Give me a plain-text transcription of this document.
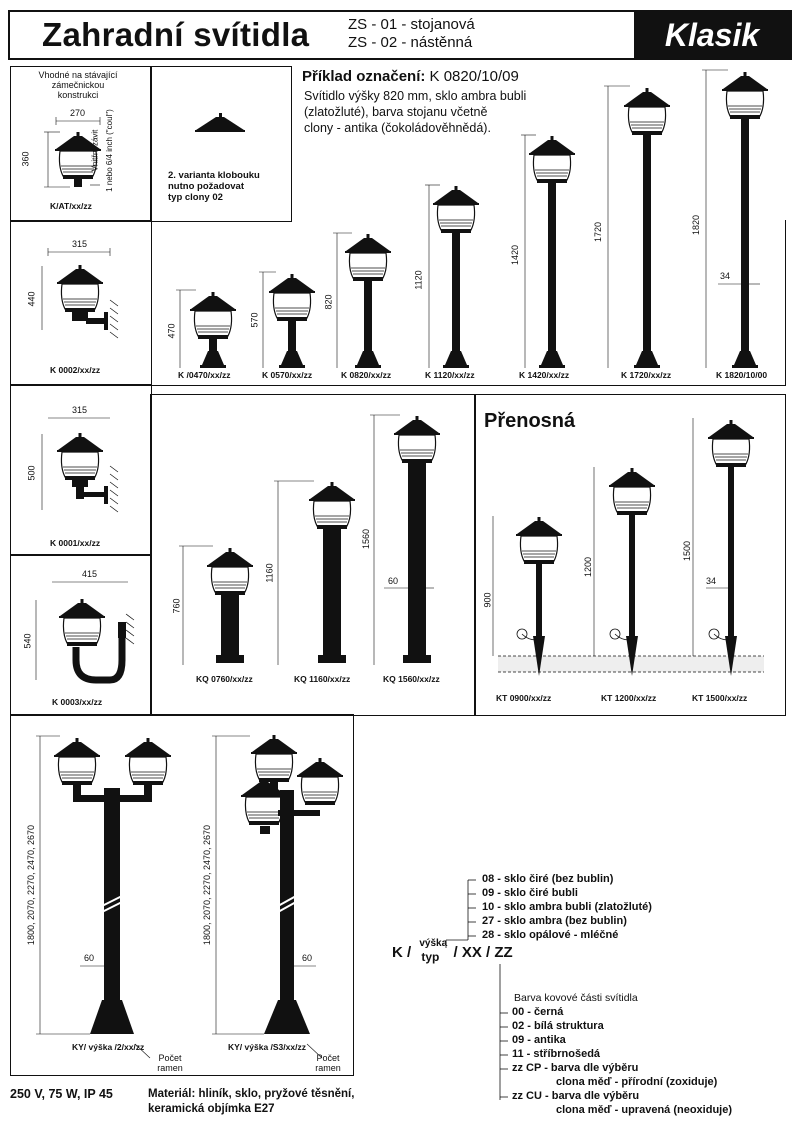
Zahradní svítidla	ZS - 01 - stojanová
ZS - 02 - nástěnná	Klasik
Příklad označení: K 0820/10/09
Svítidlo výšky 820 mm, sklo ambra bubli
(zlatožluté), barva stojanu včetně
clony - antika (čokoládověhnědá).
Vhodné na stávající
zámečnickou
konstrukci
270
360	Vnitřní závit 1 nebo 6/4 inch ("coul")
K/AT/xx/zz
2. varianta klobouku
nutno požadovat
typ clony 02
315
440
K 0002/xx/zz
315
500
K 0001/xx/zz
415
540
K 0003/xx/zz
470
570
820
1120
1420
1720	1820
34
K /0470/xx/zz	K 0570/xx/zz	K 0820/xx/zz	K 1120/xx/zz	K 1420/xx/zz	K 1720/xx/zz	K 1820/10/00
760
1160
1560
60
KQ 0760/xx/zz	KQ 1160/xx/zz	KQ 1560/xx/zz
Přenosná
900
1200
1500
34
KT 0900/xx/zz	KT 1200/xx/zz	KT 1500/xx/zz
1800, 2070, 2270, 2470, 2670
60
KY/ výška /2/xx/zz
Počet
ramen
1800, 2070, 2270, 2470, 2670
60
KY/ výška /S3/xx/zz
Počet
ramen
08 - sklo čiré (bez bublin)
09 - sklo čiré bubli
10 - sklo ambra bubli (zlatožluté)
27 - sklo ambra (bez bublin)
28 - sklo opálové - mléčné
K /
výška
typ / XX / ZZ
Barva kovové části svítidla
00 - černá
02 - bílá struktura
09 - antika
11 - stříbrnošedá
zz CP - barva dle výběru
clona měď - přírodní (zoxiduje)
zz CU - barva dle výběru
clona měď - upravená (neoxiduje)
250 V, 75 W, IP 45	Materiál: hliník, sklo, pryžové těsnění,
keramická objímka E27
